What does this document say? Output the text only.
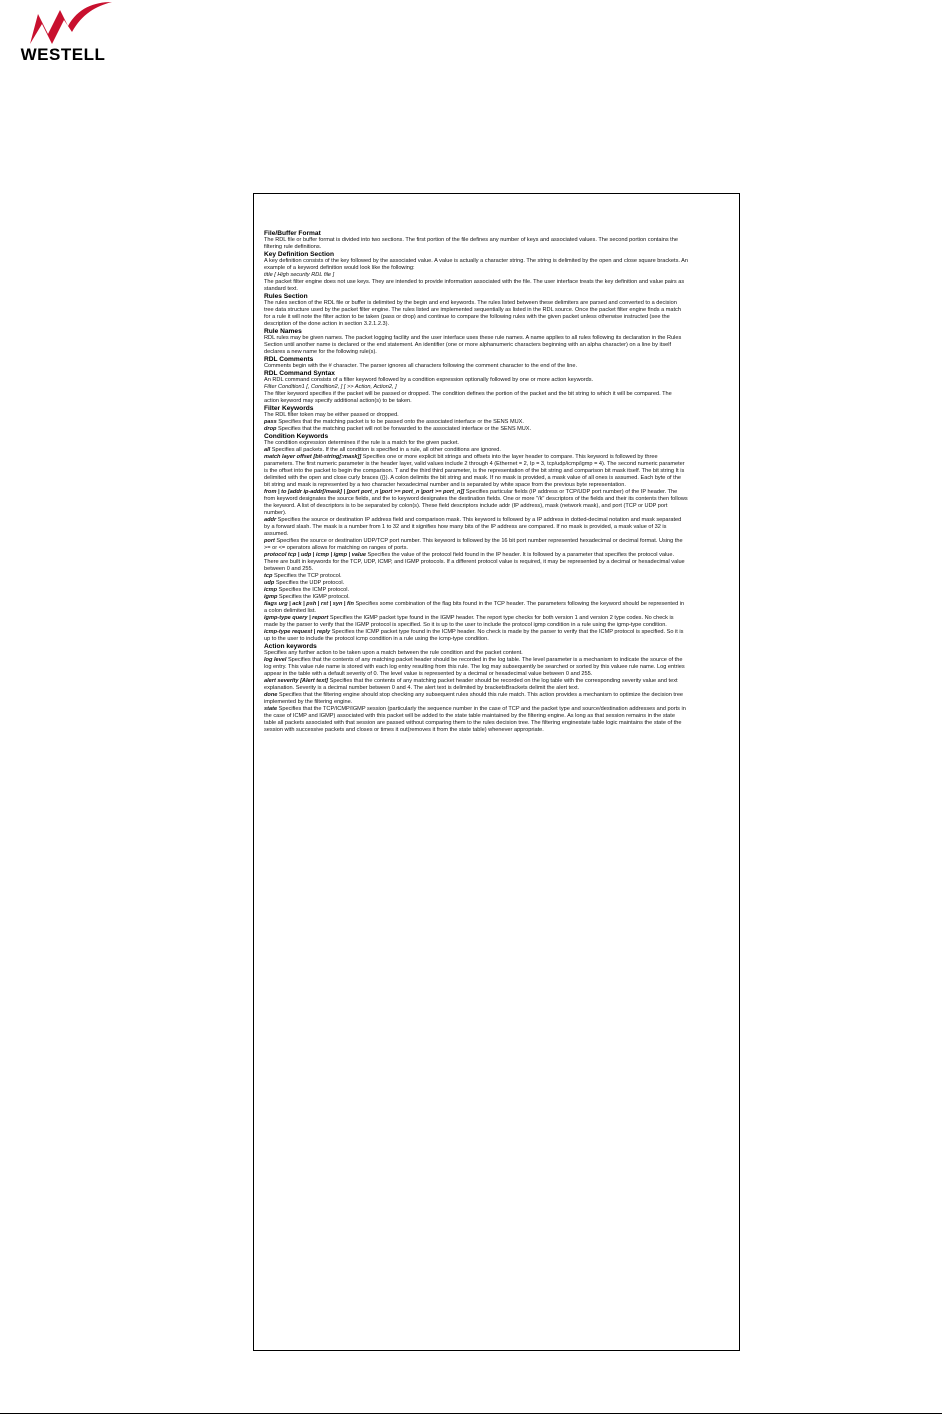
WESTELL

File/Buffer Format

The RDL file or buffer format is divided into two sections. The first portion of the file defines any number of keys and associated values. The second portion contains the filtering rule definitions.

Key Definition Section

A key definition consists of the key followed by the associated value. A value is actually a character string. The string is delimited by the open and close square brackets. An example of a keyword definition would look like the following:

title [ High security RDL file ]

The packet filter engine does not use keys. They are intended to provide information associated with the file. The user interface treats the key definition and value pairs as standard text.

Rules Section

The rules section of the RDL file or buffer is delimited by the begin and end keywords. The rules listed between these delimiters are parsed and converted to a decision tree data structure used by the packet filter engine. The rules listed are implemented sequentially as listed in the RDL source. Once the packet filter engine finds a match for a rule it will note the filter action to be taken (pass or drop) and continue to compare the following rules with the given packet unless otherwise instructed (see the description of the done action in section 3.2.1.2.3).

Rule Names

RDL rules may be given names. The packet logging facility and the user interface uses these rule names. A name applies to all rules following its declaration in the Rules Section until another name is declared or the end statement. An identifier (one or more alphanumeric characters beginning with an alpha character) on a line by itself declares a new name for the following rule(s).

RDL Comments

Comments begin with the # character. The parser ignores all characters following the comment character to the end of the line.

RDL Command Syntax

An RDL command consists of a filter keyword followed by a condition expression optionally followed by one or more action keywords.

Filter Condition1 [, Condition2, ] [ >> Action, Action2, ]

The filter keyword specifies if the packet will be passed or dropped. The condition defines the portion of the packet and the bit string to which it will be compared. The action keyword may specify additional action(s) to be taken.

Filter Keywords

The RDL filter token may be either passed or dropped.

pass Specifies that the matching packet is to be passed onto the associated interface or the SENS MUX.

drop Specifies that the matching packet will not be forwarded to the associated interface or the SENS MUX.

Condition Keywords

The condition expression determines if the rule is a match for the given packet.

all Specifies all packets. If the all condition is specified in a rule, all other conditions are ignored.

match layer offset [bit-string[:mask]] Specifies one or more explicit bit strings and offsets into the layer header to compare. This keyword is followed by three parameters. The first numeric parameter is the header layer, valid values include 2 through 4 (Ethernet = 2, Ip = 3, tcp/udp/icmp/igmp = 4). The second numeric parameter is the offset into the packet to begin the comparison. T and the third third parameter, is the representation of the bit string and comparison bit mask itself. The bit string It is delimited with the open and close curly braces ({}). A colon delimits the bit string and mask. If no mask is provided, a mask value of all ones is assumed. Each byte of the bit string and mask is represented by a two character hexadecimal number and is separated by white space from the previous byte representation.

from | to [addr ip-addr[/mask] | [port port_n |port >= port_n |port >= port_n]] Specifies particular fields (IP address or TCP/UDP port number) of the IP header. The from keyword designates the source fields, and the to keyword designates the destination fields. One or more "/k" descriptors of the fields and their its contents then follows the keyword. A list of descriptors is to be separated by colon(s). These field descriptors include addr (IP address), mask (network mask), and port (TCP or UDP port number).

addr Specifies the source or destination IP address field and comparison mask. This keyword is followed by a IP address in dotted-decimal notation and mask separated by a forward slash. The mask is a number from 1 to 32 and it signifies how many bits of the IP address are compared. If no mask is provided, a mask value of 32 is assumed.

port Specifies the source or destination UDP/TCP port number. This keyword is followed by the 16 bit port number represented hexadecimal or decimal format. Using the >= or <= operators allows for matching on ranges of ports.

protocol tcp | udp | icmp | igmp | value Specifies the value of the protocol field found in the IP header. It is followed by a parameter that specifies the protocol value. There are built in keywords for the TCP, UDP, ICMP, and IGMP protocols. If a different protocol value is required, it may be represented by a decimal or hexadecimal value between 0 and 255.

tcp Specifies the TCP protocol.

udp Specifies the UDP protocol.

icmp Specifies the ICMP protocol.

igmp Specifies the IGMP protocol.

flags urg | ack | psh | rst | syn | fin Specifies some combination of the flag bits found in the TCP header. The parameters following the keyword should be represented in a colon delimited list.

igmp-type query | report Specifies the IGMP packet type found in the IGMP header. The report type checks for both version 1 and version 2 type codes. No check is made by the parser to verify that the IGMP protocol is specified. So it is up to the user to include the protocol igmp condition in a rule using the igmp-type condition.

icmp-type request | reply Specifies the ICMP packet type found in the ICMP header. No check is made by the parser to verify that the ICMP protocol is specified. So it is up to the user to include the protocol icmp condition in a rule using the icmp-type condition.

Action keywords

Specifies any further action to be taken upon a match between the rule condition and the packet content.

log level Specifies that the contents of any matching packet header should be recorded in the log table. The level parameter is a mechanism to indicate the source of the log entry. This value rule name is stored with each log entry resulting from this rule. The log may subsequently be searched or sorted by this valuee rule name. Log entries appear in the table with a default severity of 0. The level value is represented by a decimal or hexadecimal value between 0 and 255.

alert severity [Alert text] Specifies that the contents of any matching packet header should be recorded on the log table with the corresponding severity value and text explanation. Severity is a decimal number between 0 and 4. The alert text is delimited by bracketsBrackets delimit the alert text.

done Specifies that the filtering engine should stop checking any subsequent rules should this rule match. This action provides a mechanism to optimize the decision tree implemented by the filtering engine.

state Specifies that the TCP/ICMP/IGMP session (particularly the sequence number in the case of TCP and the packet type and source/destination addresses and ports in the case of ICMP and IGMP) associated with this packet will be added to the state table maintained by the filtering engine. As long as that session remains in the state table all packets associated with that session are passed without comparing them to the rules decision tree. The filtering enginestate table logic maintains the state of the session with successive packets and closes or times it out(removes it from the state table) whenever appropriate.
